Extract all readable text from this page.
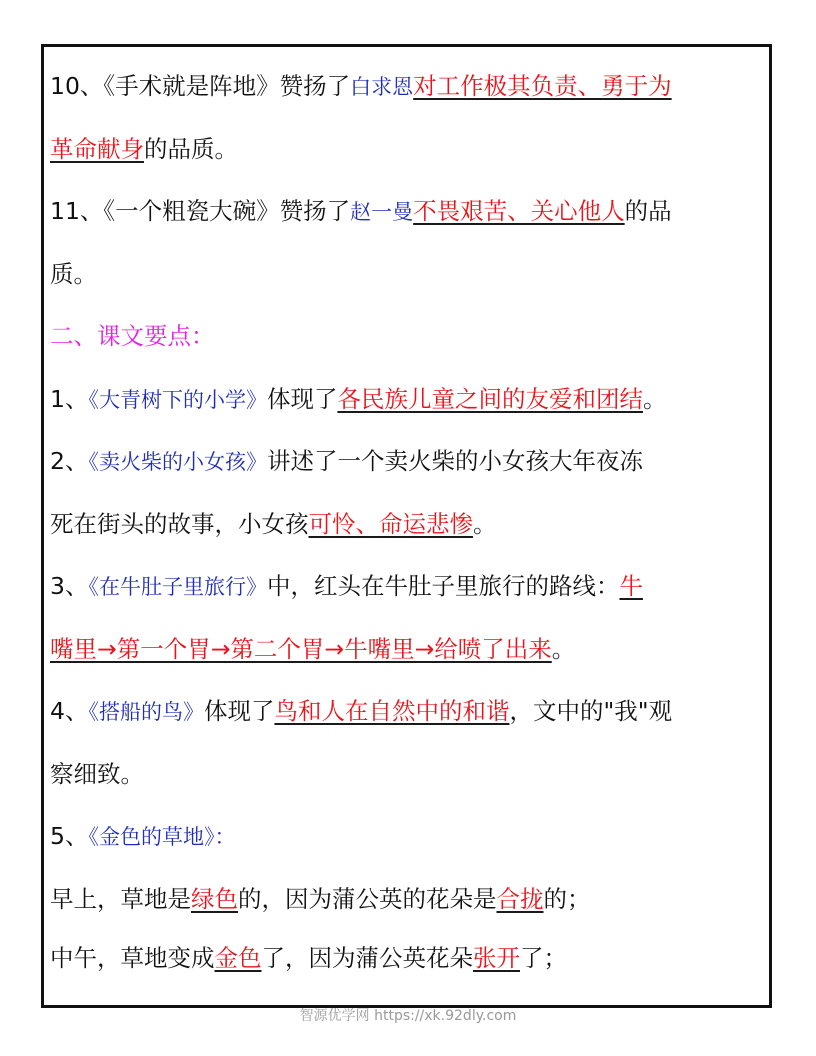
10、《手术就是阵地》赞扬了白求恩对工作极其负责、勇于为
革命献身的品质。
11、《一个粗瓷大碗》赞扬了赵一曼不畏艰苦、关心他人的品
质。
二、课文要点：
1、《大青树下的小学》体现了各民族儿童之间的友爱和团结。
2、《卖火柴的小女孩》讲述了一个卖火柴的小女孩大年夜冻
死在街头的故事，小女孩可怜、命运悲惨。
3、《在牛肚子里旅行》中，红头在牛肚子里旅行的路线：牛
嘴里→第一个胃→第二个胃→牛嘴里→给喷了出来。
4、《搭船的鸟》体现了鸟和人在自然中的和谐，文中的"我"观
察细致。
5、《金色的草地》：
早上，草地是绿色的，因为蒲公英的花朵是合拢的；
中午，草地变成金色了，因为蒲公英花朵张开了；
智源优学网 https://xk.92dly.com
